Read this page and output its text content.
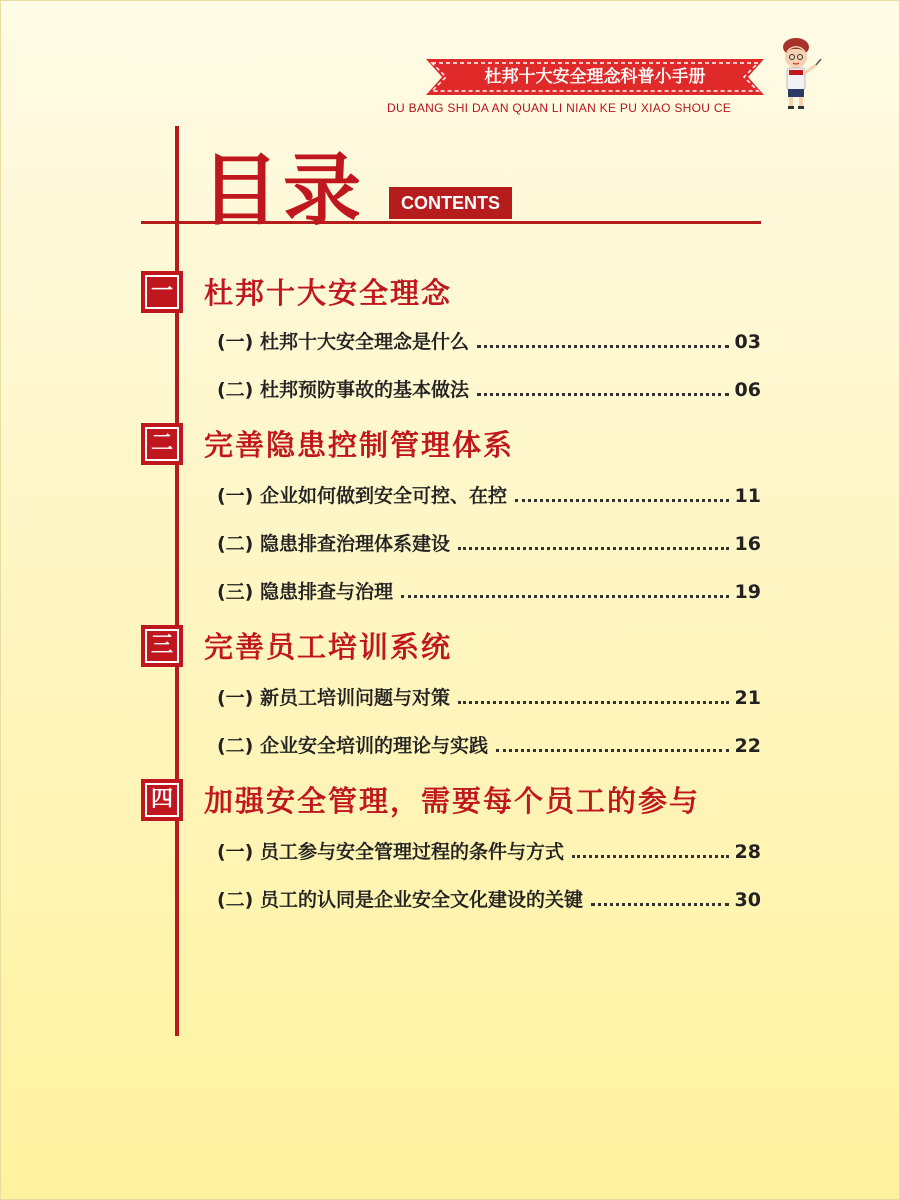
杜邦十大安全理念科普小手册
DU BANG SHI DA AN QUAN LI NIAN KE PU XIAO SHOU CE
目录	CONTENTS
一 杜邦十大安全理念
(一) 杜邦十大安全理念是什么	03
(二) 杜邦预防事故的基本做法	06
二 完善隐患控制管理体系
(一) 企业如何做到安全可控、在控	11
(二) 隐患排查治理体系建设	16
(三) 隐患排查与治理	19
三 完善员工培训系统
(一) 新员工培训问题与对策	21
(二) 企业安全培训的理论与实践	22
四 加强安全管理，需要每个员工的参与
(一) 员工参与安全管理过程的条件与方式	28
(二) 员工的认同是企业安全文化建设的关键	30
